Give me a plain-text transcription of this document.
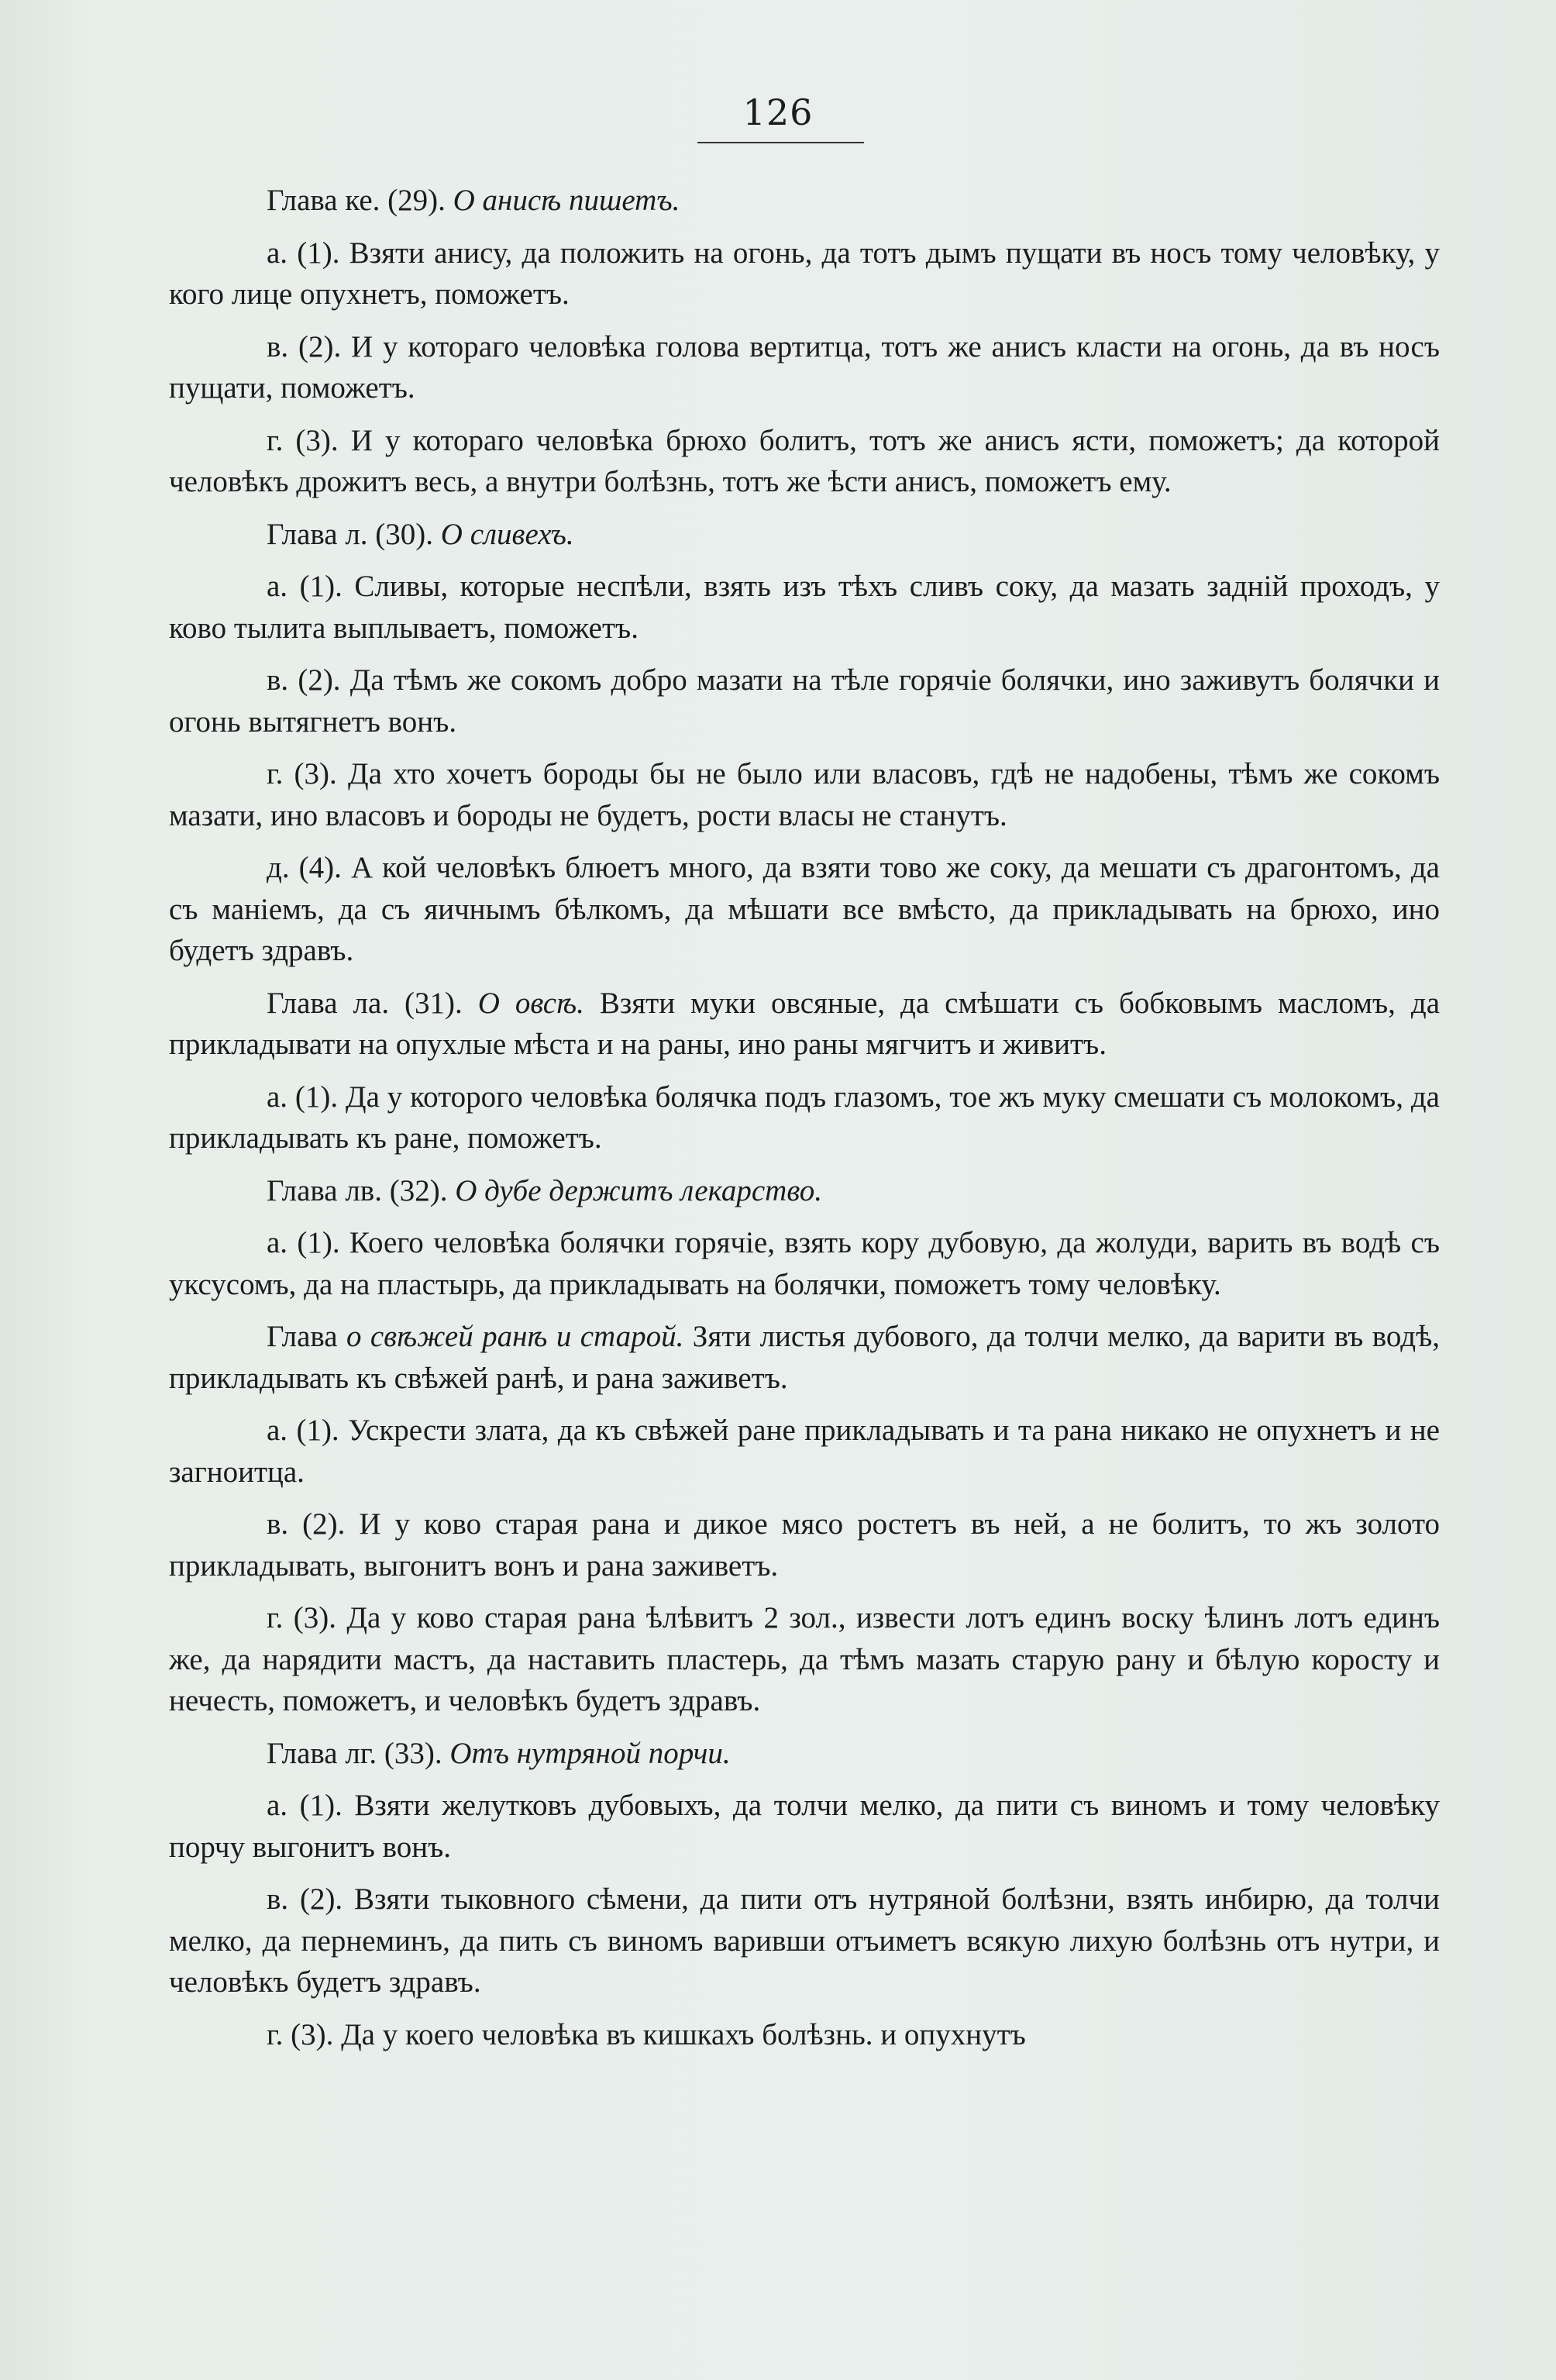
126

Глава ке. (29). О анисѣ пишетъ.

а. (1). Взяти анису, да положить на огонь, да тотъ дымъ пущати въ носъ тому человѣку, у кого лице опухнетъ, поможетъ.

в. (2). И у котораго человѣка голова вертитца, тотъ же анисъ класти на огонь, да въ носъ пущати, поможетъ.

г. (3). И у котораго человѣка брюхо болитъ, тотъ же анисъ ясти, поможетъ; да которой человѣкъ дрожитъ весь, а внутри болѣзнь, тотъ же ѣсти анисъ, поможетъ ему.

Глава л. (30). О сливехъ.

а. (1). Сливы, которые неспѣли, взять изъ тѣхъ сливъ соку, да мазать заднiй проходъ, у ково тылита выплываетъ, поможетъ.

в. (2). Да тѣмъ же сокомъ добро мазати на тѣле горячiе болячки, ино заживутъ болячки и огонь вытягнетъ вонъ.

г. (3). Да хто хочетъ бороды бы не было или власовъ, гдѣ не надобены, тѣмъ же сокомъ мазати, ино власовъ и бороды не будетъ, рости власы не станутъ.

д. (4). А кой человѣкъ блюетъ много, да взяти тово же соку, да мешати съ драгонтомъ, да съ манiемъ, да съ яичнымъ бѣлкомъ, да мѣшати все вмѣсто, да прикладывать на брюхо, ино будетъ здравъ.

Глава ла. (31). О овсѣ. Взяти муки овсяные, да смѣшати съ бобковымъ масломъ, да прикладывати на опухлые мѣста и на раны, ино раны мягчитъ и живитъ.

а. (1). Да у которого человѣка болячка подъ глазомъ, тое жъ муку смешати съ молокомъ, да прикладывать къ ране, поможетъ.

Глава лв. (32). О дубе держитъ лекарство.

а. (1). Коего человѣка болячки горячiе, взять кору дубовую, да жолуди, варить въ водѣ съ уксусомъ, да на пластырь, да прикладывать на болячки, поможетъ тому человѣку.

Глава о свѣжей ранѣ и старой. Зяти листья дубового, да толчи мелко, да варити въ водѣ, прикладывать къ свѣжей ранѣ, и рана заживетъ.

а. (1). Ускрести злата, да къ свѣжей ране прикладывать и та рана никако не опухнетъ и не загноитца.

в. (2). И у ково старая рана и дикое мясо ростетъ въ ней, а не болитъ, то жъ золото прикладывать, выгонитъ вонъ и рана заживетъ.

г. (3). Да у ково старая рана ѣлѣвитъ 2 зол., извести лотъ единъ воску ѣлинъ лотъ единъ же, да нарядити мастъ, да наставить пластерь, да тѣмъ мазать старую рану и бѣлую коросту и нечесть, поможетъ, и человѣкъ будетъ здравъ.

Глава лг. (33). Отъ нутряной порчи.

а. (1). Взяти желутковъ дубовыхъ, да толчи мелко, да пити съ виномъ и тому человѣку порчу выгонитъ вонъ.

в. (2). Взяти тыковного сѣмени, да пити отъ нутряной болѣзни, взять инбирю, да толчи мелко, да пернеминъ, да пить съ виномъ варивши отъиметъ всякую лихую болѣзнь отъ нутри, и человѣкъ будетъ здравъ.

г. (3). Да у коего человѣка въ кишкахъ болѣзнь. и опухнутъ
